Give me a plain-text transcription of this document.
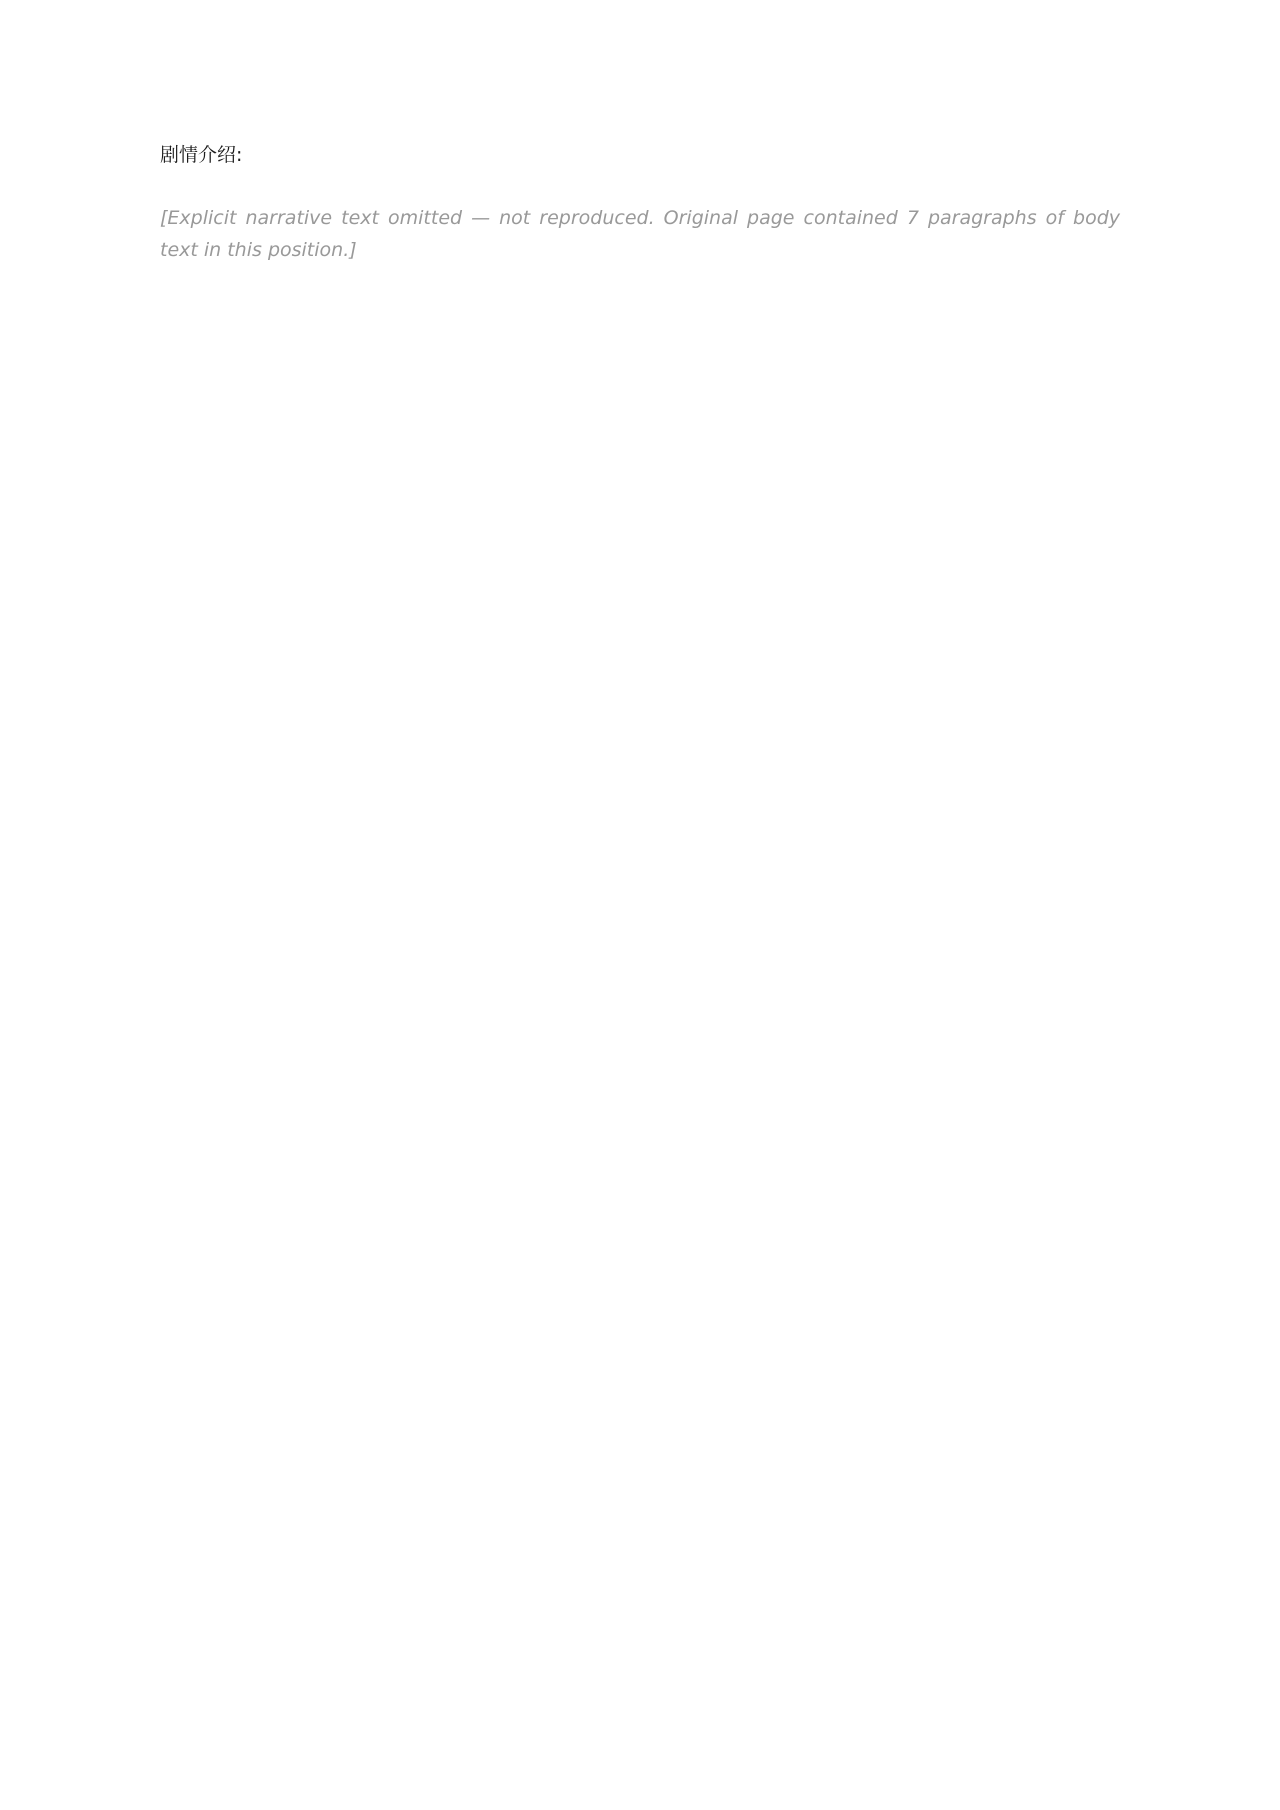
剧情介绍:
[Explicit narrative text omitted — not reproduced. Original page contained 7 paragraphs of body text in this position.]
